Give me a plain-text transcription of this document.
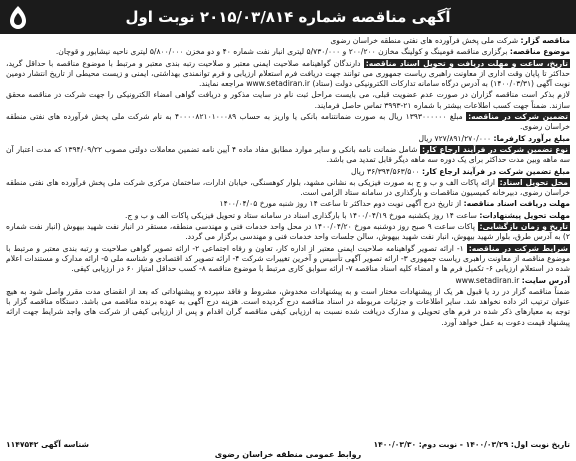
آگهی مناقصه شماره ۲۰۱۵/۰۳/۸۱۴ نوبت اول

مناقصه گزار: شرکت ملی پخش فرآورده های نفتی منطقه خراسان رضوی

موضوع مناقصه: برگزاری مناقصه فومینگ و کولینگ مخازن ۲۰۰/۲۰۰ و ۵/۷۳۰/۰۰۰ لیتری انبار نفت شماره ۴۰ و دو مخزن ۵/۸۰۰/۰۰۰ لیتری ناحیه نیشابور و قوچان.

تاریخ، ساعت و مهلت دریافت و تحویل اسناد مناقصه: دارندگان گواهینامه صلاحیت ایمنی معتبر و صلاحیت رتبه بندی معتبر و مرتبط با موضوع مناقصه با حداقل گرید، حداکثر تا پایان وقت اداری از معاونت راهبری ریاست جمهوری می توانند جهت دریافت فرم استعلام ارزیابی و فرم توانمندی بهداشتی، ایمنی و زیست محیطی از تاریخ انتشار دومین نوبت آگهی (۱۴۰۰/۰۳/۳۱) به آدرس درگاه سامانه تدارکات الکترونیکی دولت (ستاد) www.setadiran.ir مراجعه نمایند.

لازم بذکر است مناقصه گزاران در صورت عدم عضویت قبلی، می بایست مراحل ثبت نام در سایت مذکور و دریافت گواهی امضاء الکترونیکی را جهت شرکت در مناقصه محقق سازند. ضمناً جهت کسب اطلاعات بیشتر با شماره ۲۱-۳۹۹۳ تماس حاصل فرمایند.

تضمین شرکت در مناقصه: مبلغ ۱۳۹۳۰۰۰۰۰۰ ریال به صورت ضمانتنامه بانکی یا واریز به حساب ۴۰۰۰۰۸۲۱۰۱۰۰۰۸۹ به نام شرکت ملی پخش فرآورده های نفتی منطقه خراسان رضوی.

مبلغ برآورد کارفرما: ۷۲۷/۸۹۱/۲۷۰/۰۰۰ ریال

نوع تضمین شرکت در فرآیند ارجاع کار: شامل ضمانت نامه بانکی و سایر موارد مطابق مفاد ماده ۴ آیین نامه تضمین معاملات دولتی مصوب ۱۳۹۴/۰۹/۲۲ که مدت اعتبار آن سه ماهه وبین مدت حداکثر برای یک دوره سه ماهه دیگر قابل تمدید می باشد.

مبلغ تضمین شرکت در فرآیند ارجاع کار: ۳۶/۳۹۴/۵۶۳/۵۰۰ ریال

محل تحویل اسناد: ارائه پاکات الف و ب و ج به صورت فیزیکی به نشانی مشهد، بلوار کوهسنگی، خیابان ادارات، ساختمان مرکزی شرکت ملی پخش فرآورده های نفتی منطقه خراسان رضوی، دبیرخانه کمیسیون مناقصات و بارگذاری در سامانه ستاد الزامی است.

مهلت دریافت اسناد مناقصه: از تاریخ درج آگهی نوبت دوم حداکثر تا ساعت ۱۴ روز شنبه مورخ ۱۴۰۰/۰۴/۰۵

مهلت تحویل پیشنهادات: ساعت ۱۴ روز یکشنبه مورخ ۱۴۰۰/۰۴/۱۹ با بارگذاری اسناد در سامانه ستاد و تحویل فیزیکی پاکات الف و ب و ج.

تاریخ و زمان بازگشایی: پاکات ساعت ۹ صبح روز دوشنبه مورخ ۱۴۰۰/۰۴/۲۰ در محل واحد خدمات فنی و مهندسی منطقه، مستقر در انبار نفت شهید بیهوش (انبار نفت شماره ۲) به آدرس طرق، بلوار شهید بیهوش، انبار نفت شهید بیهوش، سالن جلسات واحد خدمات فنی و مهندسی برگزار می گردد.

شرایط شرکت در مناقصه: ۱- ارائه تصویر گواهینامه صلاحیت ایمنی معتبر از اداره کار، تعاون و رفاه اجتماعی ۲- ارائه تصویر گواهی صلاحیت و رتبه بندی معتبر و مرتبط با موضوع مناقصه از معاونت راهبری ریاست جمهوری ۳- ارائه تصویر آگهی تأسیس و آخرین تغییرات شرکت ۴- ارائه تصویر کد اقتصادی و شناسه ملی ۵- ارائه مدارک و مستندات اعلام شده در استعلام ارزیابی ۶- تکمیل فرم ها و امضاء کلیه اسناد مناقصه ۷- ارائه سوابق کاری مرتبط با موضوع مناقصه ۸- کسب حداقل امتیاز ۶۰ در ارزیابی کیفی.

آدرس سایت: www.setadiran.ir

ضمناً مناقصه گزار در رد یا قبول هر یک از پیشنهادات مختار است و به پیشنهادات مخدوش، مشروط و فاقد سپرده و پیشنهاداتی که بعد از انقضای مدت مقرر واصل شود به هیچ عنوان ترتیب اثر داده نخواهد شد. سایر اطلاعات و جزئیات مربوطه در اسناد مناقصه درج گردیده است. هزینه درج آگهی به عهده برنده مناقصه می باشد. دستگاه مناقصه گزار با توجه به معیارهای ذکر شده در فرم های تحویلی و مدارک دریافت شده نسبت به ارزیابی کیفی مناقصه گران اقدام و پس از ارزیابی کیفی از شرکت های واجد شرایط جهت ارائه پیشنهاد قیمت دعوت به عمل خواهد آورد.

تاریخ نوبت اول: ۱۴۰۰/۰۳/۲۹ - نوبت دوم: ۱۴۰۰/۰۳/۳۰
شناسه آگهی ۱۱۴۷۵۴۲
روابط عمومی منطقه خراسان رضوی
